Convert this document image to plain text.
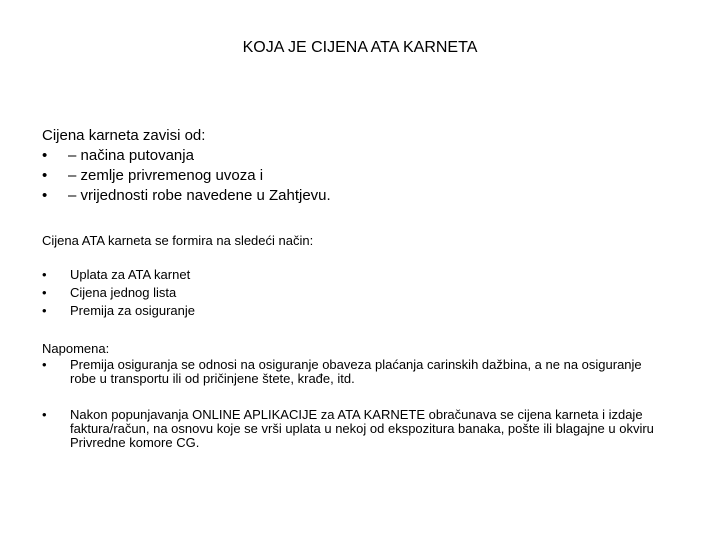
KOJA JE CIJENA ATA KARNETA
Cijena karneta zavisi od:
•	– načina putovanja
•	– zemlje privremenog uvoza i
•	– vrijednosti robe navedene u Zahtjevu.
Cijena ATA karneta se formira na sledeći način:
•	Uplata za ATA karnet
•	Cijena jednog lista
•	Premija za osiguranje
Napomena:
•	Premija osiguranja se odnosi na osiguranje obaveza plaćanja carinskih dažbina, a ne na osiguranje robe u transportu ili od pričinjene štete, krađe, itd.
•	Nakon popunjavanja ONLINE APLIKACIJE za ATA KARNETE obračunava se cijena karneta i izdaje faktura/račun, na osnovu koje se vrši uplata u nekoj od ekspozitura banaka, pošte ili blagajne u okviru Privredne komore CG.
